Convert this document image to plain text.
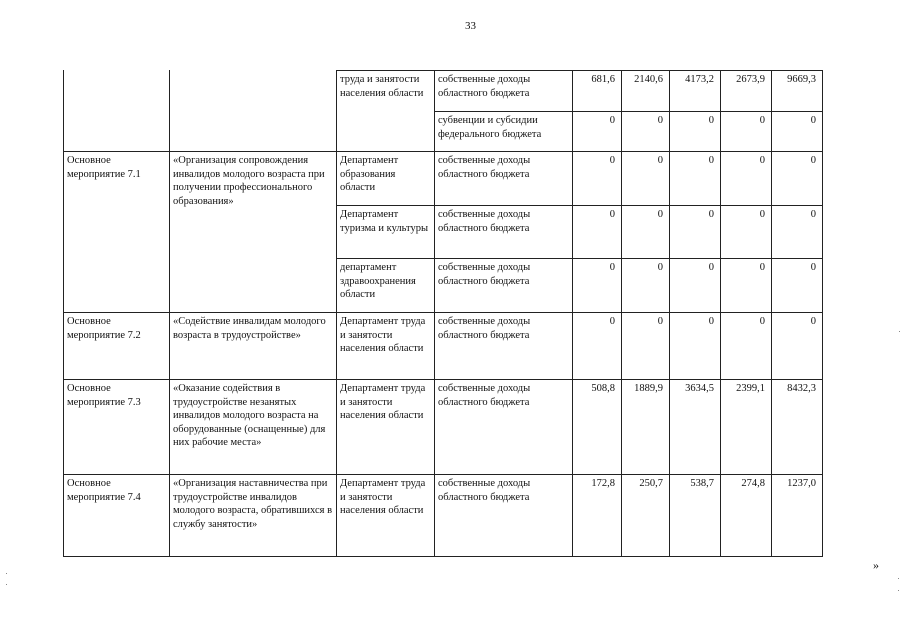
33
		труда и занятости населения области	собственные доходы областного бюджета	681,6	2140,6	4173,2	2673,9	9669,3
			субвенции и субсидии федерального бюджета	0	0	0	0	0
Основное мероприятие 7.1	«Организация сопровождения инвалидов молодого возраста при получении профессионального образования»	Департамент образования области	собственные доходы областного бюджета	0	0	0	0	0
		Департамент туризма и культуры	собственные доходы областного бюджета	0	0	0	0	0
		департамент здравоохранения области	собственные доходы областного бюджета	0	0	0	0	0
Основное мероприятие 7.2	«Содействие инвалидам молодого возраста в трудоустройстве»	Департамент труда и занятости населения области	собственные доходы областного бюджета	0	0	0	0	0
Основное мероприятие 7.3	«Оказание содействия в трудоустройстве незанятых инвалидов молодого возраста на оборудованные (оснащенные) для них рабочие места»	Департамент труда и занятости населения области	собственные доходы областного бюджета	508,8	1889,9	3634,5	2399,1	8432,3
Основное мероприятие 7.4	«Организация наставничества при трудоустройстве инвалидов молодого возраста, обратившихся в службу занятости»	Департамент труда и занятости населения области	собственные доходы областного бюджета	172,8	250,7	538,7	274,8	1237,0
»
